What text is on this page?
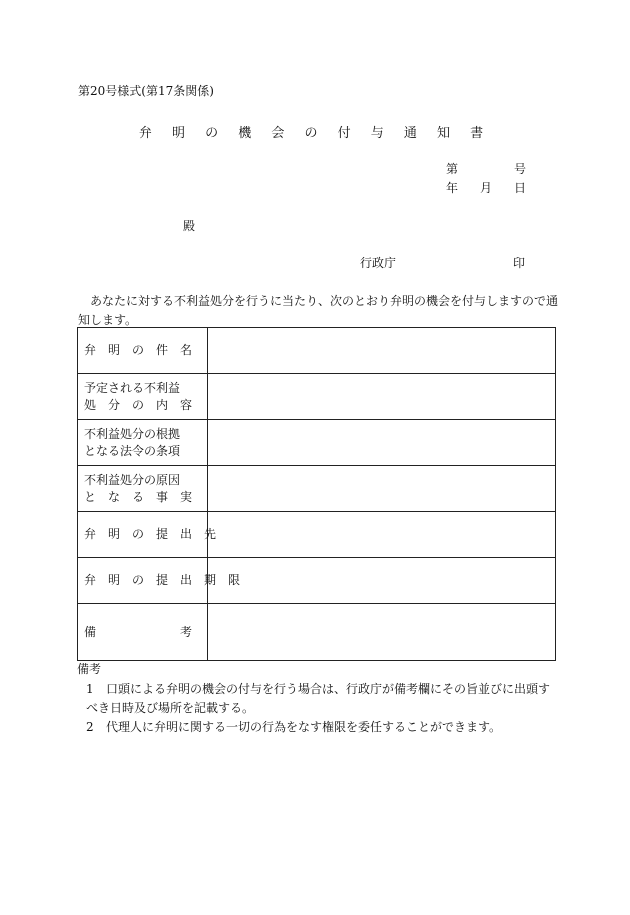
第20号様式(第17条関係)
弁 明 の 機 会 の 付 与 通 知 書
第	号
年 月 日
殿
行政庁	印
あなたに対する不利益処分を行うに当たり、次のとおり弁明の機会を付与しますので通知します。
弁　明　の　件　名	

予定される不利益
処　分　の　内　容	

不利益処分の根拠
となる法令の条項	

不利益処分の原因
と　な　る　事　実	

弁　明　の　提　出　先	

弁　明　の　提　出　期　限	

備　　　　　　　考	

備考
1 口頭による弁明の機会の付与を行う場合は、行政庁が備考欄にその旨並びに出頭すべき日時及び場所を記載する。
2 代理人に弁明に関する一切の行為をなす権限を委任することができます。
